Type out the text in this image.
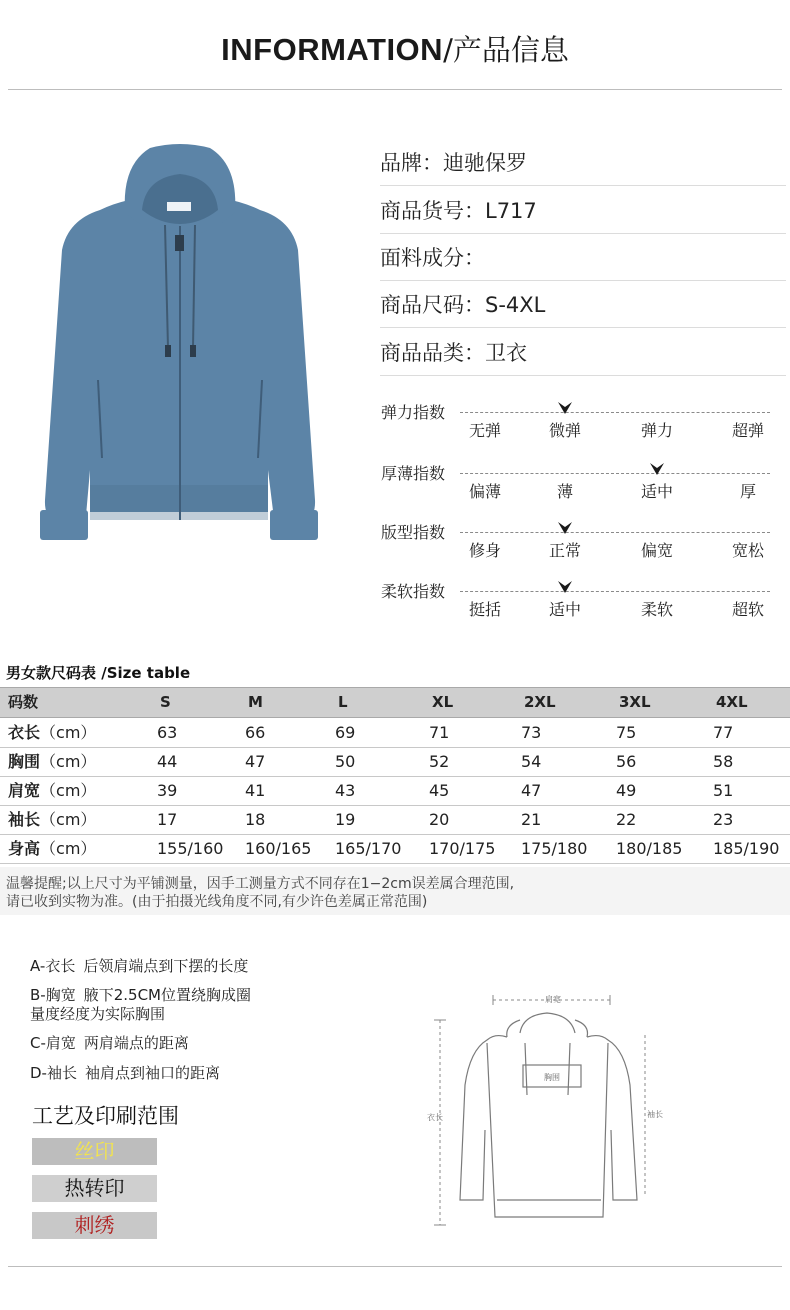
INFORMATION/产品信息
品牌：迪驰保罗
商品货号：L717
面料成分：
商品尺码：S-4XL
商品品类：卫衣
弹力指数
无弹	微弹	弹力	超弹
厚薄指数
偏薄	薄	适中	厚
版型指数
修身	正常	偏宽	宽松
柔软指数
挺括	适中	柔软	超软
男女款尺码表 /Size table
码数	S	M	L	XL	2XL	3XL	4XL
衣长（cm）	63	66	69	71	73	75	77
胸围（cm）	44	47	50	52	54	56	58
肩宽（cm）	39	41	43	45	47	49	51
袖长（cm）	17	18	19	20	21	22	23
身高（cm）	155/160 160/165 165/170 170/175 175/180 180/185 185/190
温馨提醒;以上尺寸为平铺测量，因手工测量方式不同存在1−2cm误差属合理范围,
请已收到实物为准。(由于拍摄光线角度不同,有少许色差属正常范围)
A-衣长 后领肩端点到下摆的长度
B-胸宽 腋下2.5CM位置绕胸成圈
量度经度为实际胸围
C-肩宽 两肩端点的距离
D-袖长 袖肩点到袖口的距离
工艺及印刷范围
丝印
热转印
刺绣
肩宽
胸围
衣长	袖长
